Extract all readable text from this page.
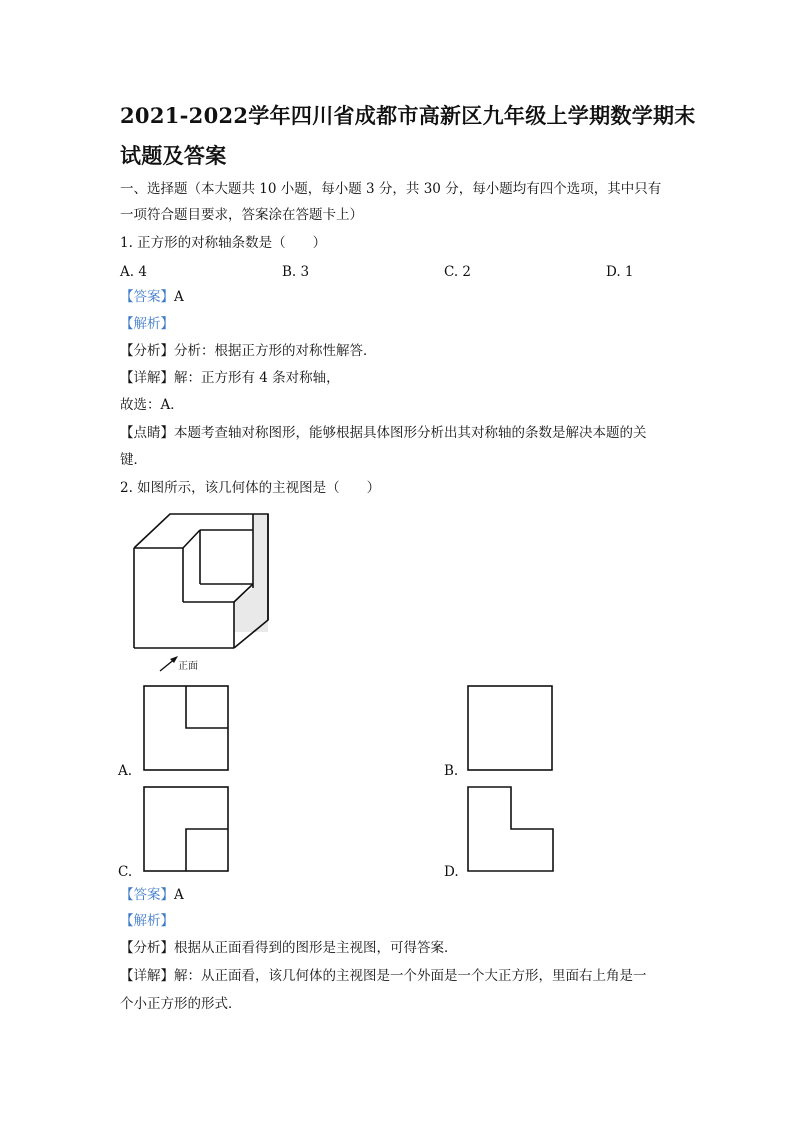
2021-2022学年四川省成都市高新区九年级上学期数学期末
试题及答案
一、选择题（本大题共 10 小题，每小题 3 分，共 30 分，每小题均有四个选项，其中只有
一项符合题目要求，答案涂在答题卡上）
1. 正方形的对称轴条数是（　　）
A. 4	B. 3	C. 2	D. 1
【答案】A
【解析】
【分析】分析：根据正方形的对称性解答．
【详解】解：正方形有 4 条对称轴，
故选：A．
【点睛】本题考查轴对称图形，能够根据具体图形分析出其对称轴的条数是解决本题的关
键．
2. 如图所示，该几何体的主视图是（　　）
正面
A.	B.
C.	D.
【答案】A
【解析】
【分析】根据从正面看得到的图形是主视图，可得答案．
【详解】解：从正面看，该几何体的主视图是一个外面是一个大正方形，里面右上角是一
个小正方形的形式．
